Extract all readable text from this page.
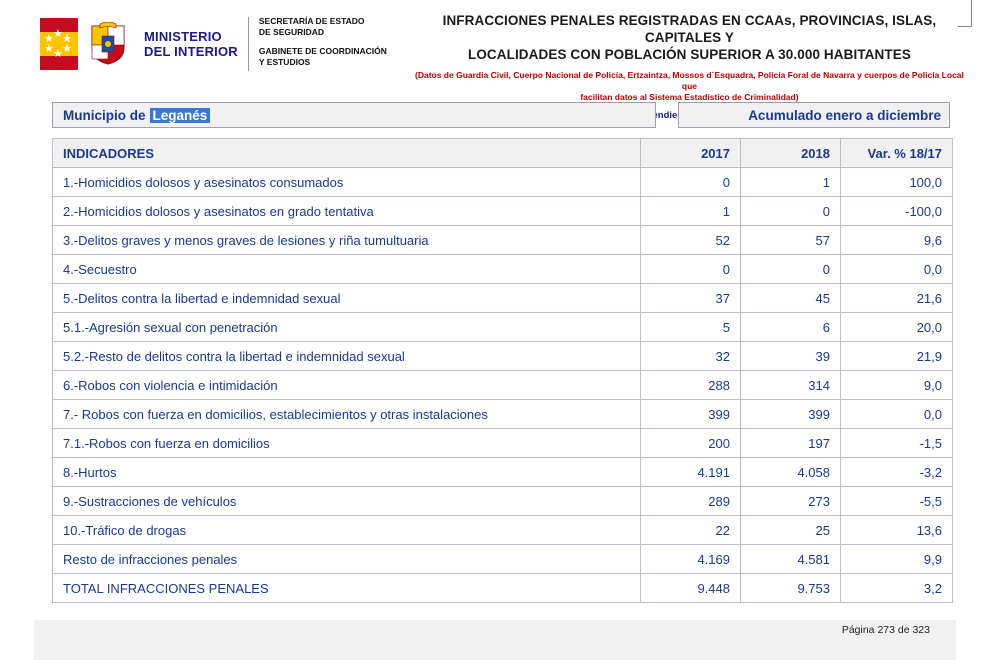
★ ★ ★
★ ★
★
MINISTERIO
DEL INTERIOR
SECRETARÍA DE ESTADO
DE SEGURIDAD
GABINETE DE COORDINACIÓN
Y ESTUDIOS
INFRACCIONES PENALES REGISTRADAS EN CCAAs, PROVINCIAS, ISLAS, CAPITALES Y
LOCALIDADES CON POBLACIÓN SUPERIOR A 30.000 HABITANTES
(Datos de Guardia Civil, Cuerpo Nacional de Policía, Ertzaintza, Mossos d´Esquadra, Policía Foral de Navarra y cuerpos de Policía Local que
facilitan datos al Sistema Estadístico de Criminalidad)
pendientes
Municipio de Leganés	Acumulado enero a diciembre
INDICADORES	2017	2018	Var. % 18/17
1.-Homicidios dolosos y asesinatos consumados	0	1	100,0
2.-Homicidios dolosos y asesinatos en grado tentativa	1	0	-100,0
3.-Delitos graves y menos graves de lesiones y riña tumultuaria	52	57	9,6
4.-Secuestro	0	0	0,0
5.-Delitos contra la libertad e indemnidad sexual	37	45	21,6
5.1.-Agresión sexual con penetración	5	6	20,0
5.2.-Resto de delitos contra la libertad e indemnidad sexual	32	39	21,9
6.-Robos con violencia e intimidación	288	314	9,0
7.- Robos con fuerza en domicilios, establecimientos y otras instalaciones	399	399	0,0
7.1.-Robos con fuerza en domicilios	200	197	-1,5
8.-Hurtos	4.191	4.058	-3,2
9.-Sustracciones de vehículos	289	273	-5,5
10.-Tráfico de drogas	22	25	13,6
Resto de infracciones penales	4.169	4.581	9,9
TOTAL INFRACCIONES PENALES	9.448	9.753	3,2
Página 273 de 323
